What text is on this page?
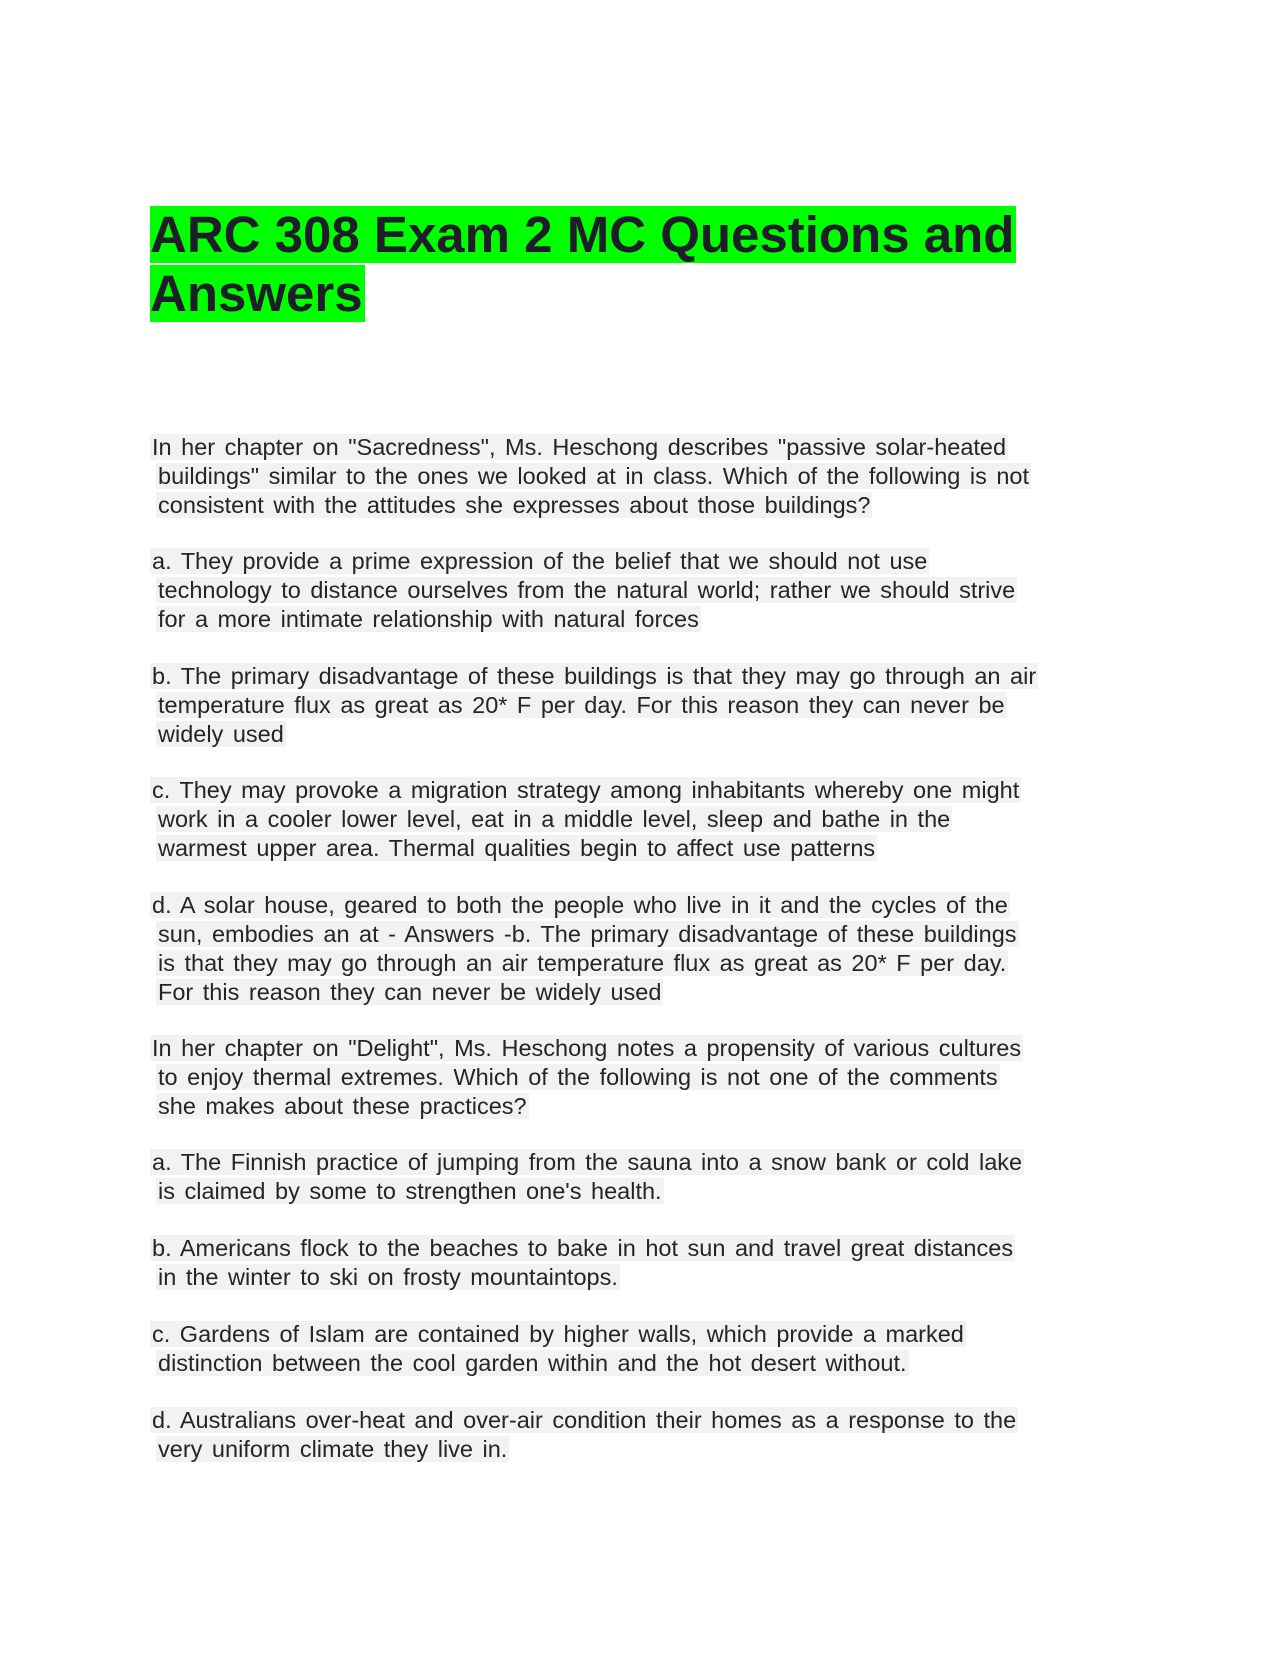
ARC 308 Exam 2 MC Questions and
Answers

In her chapter on "Sacredness", Ms. Heschong describes "passive solar-heated
buildings" similar to the ones we looked at in class. Which of the following is not
consistent with the attitudes she expresses about those buildings?

a. They provide a prime expression of the belief that we should not use
technology to distance ourselves from the natural world; rather we should strive
for a more intimate relationship with natural forces

b. The primary disadvantage of these buildings is that they may go through an air
temperature flux as great as 20* F per day. For this reason they can never be
widely used

c. They may provoke a migration strategy among inhabitants whereby one might
work in a cooler lower level, eat in a middle level, sleep and bathe in the
warmest upper area. Thermal qualities begin to affect use patterns

d. A solar house, geared to both the people who live in it and the cycles of the
sun, embodies an at - Answers -b. The primary disadvantage of these buildings
is that they may go through an air temperature flux as great as 20* F per day.
For this reason they can never be widely used

In her chapter on "Delight", Ms. Heschong notes a propensity of various cultures
to enjoy thermal extremes. Which of the following is not one of the comments
she makes about these practices?

a. The Finnish practice of jumping from the sauna into a snow bank or cold lake
is claimed by some to strengthen one's health.

b. Americans flock to the beaches to bake in hot sun and travel great distances
in the winter to ski on frosty mountaintops.

c. Gardens of Islam are contained by higher walls, which provide a marked
distinction between the cool garden within and the hot desert without.

d. Australians over-heat and over-air condition their homes as a response to the
very uniform climate they live in.
